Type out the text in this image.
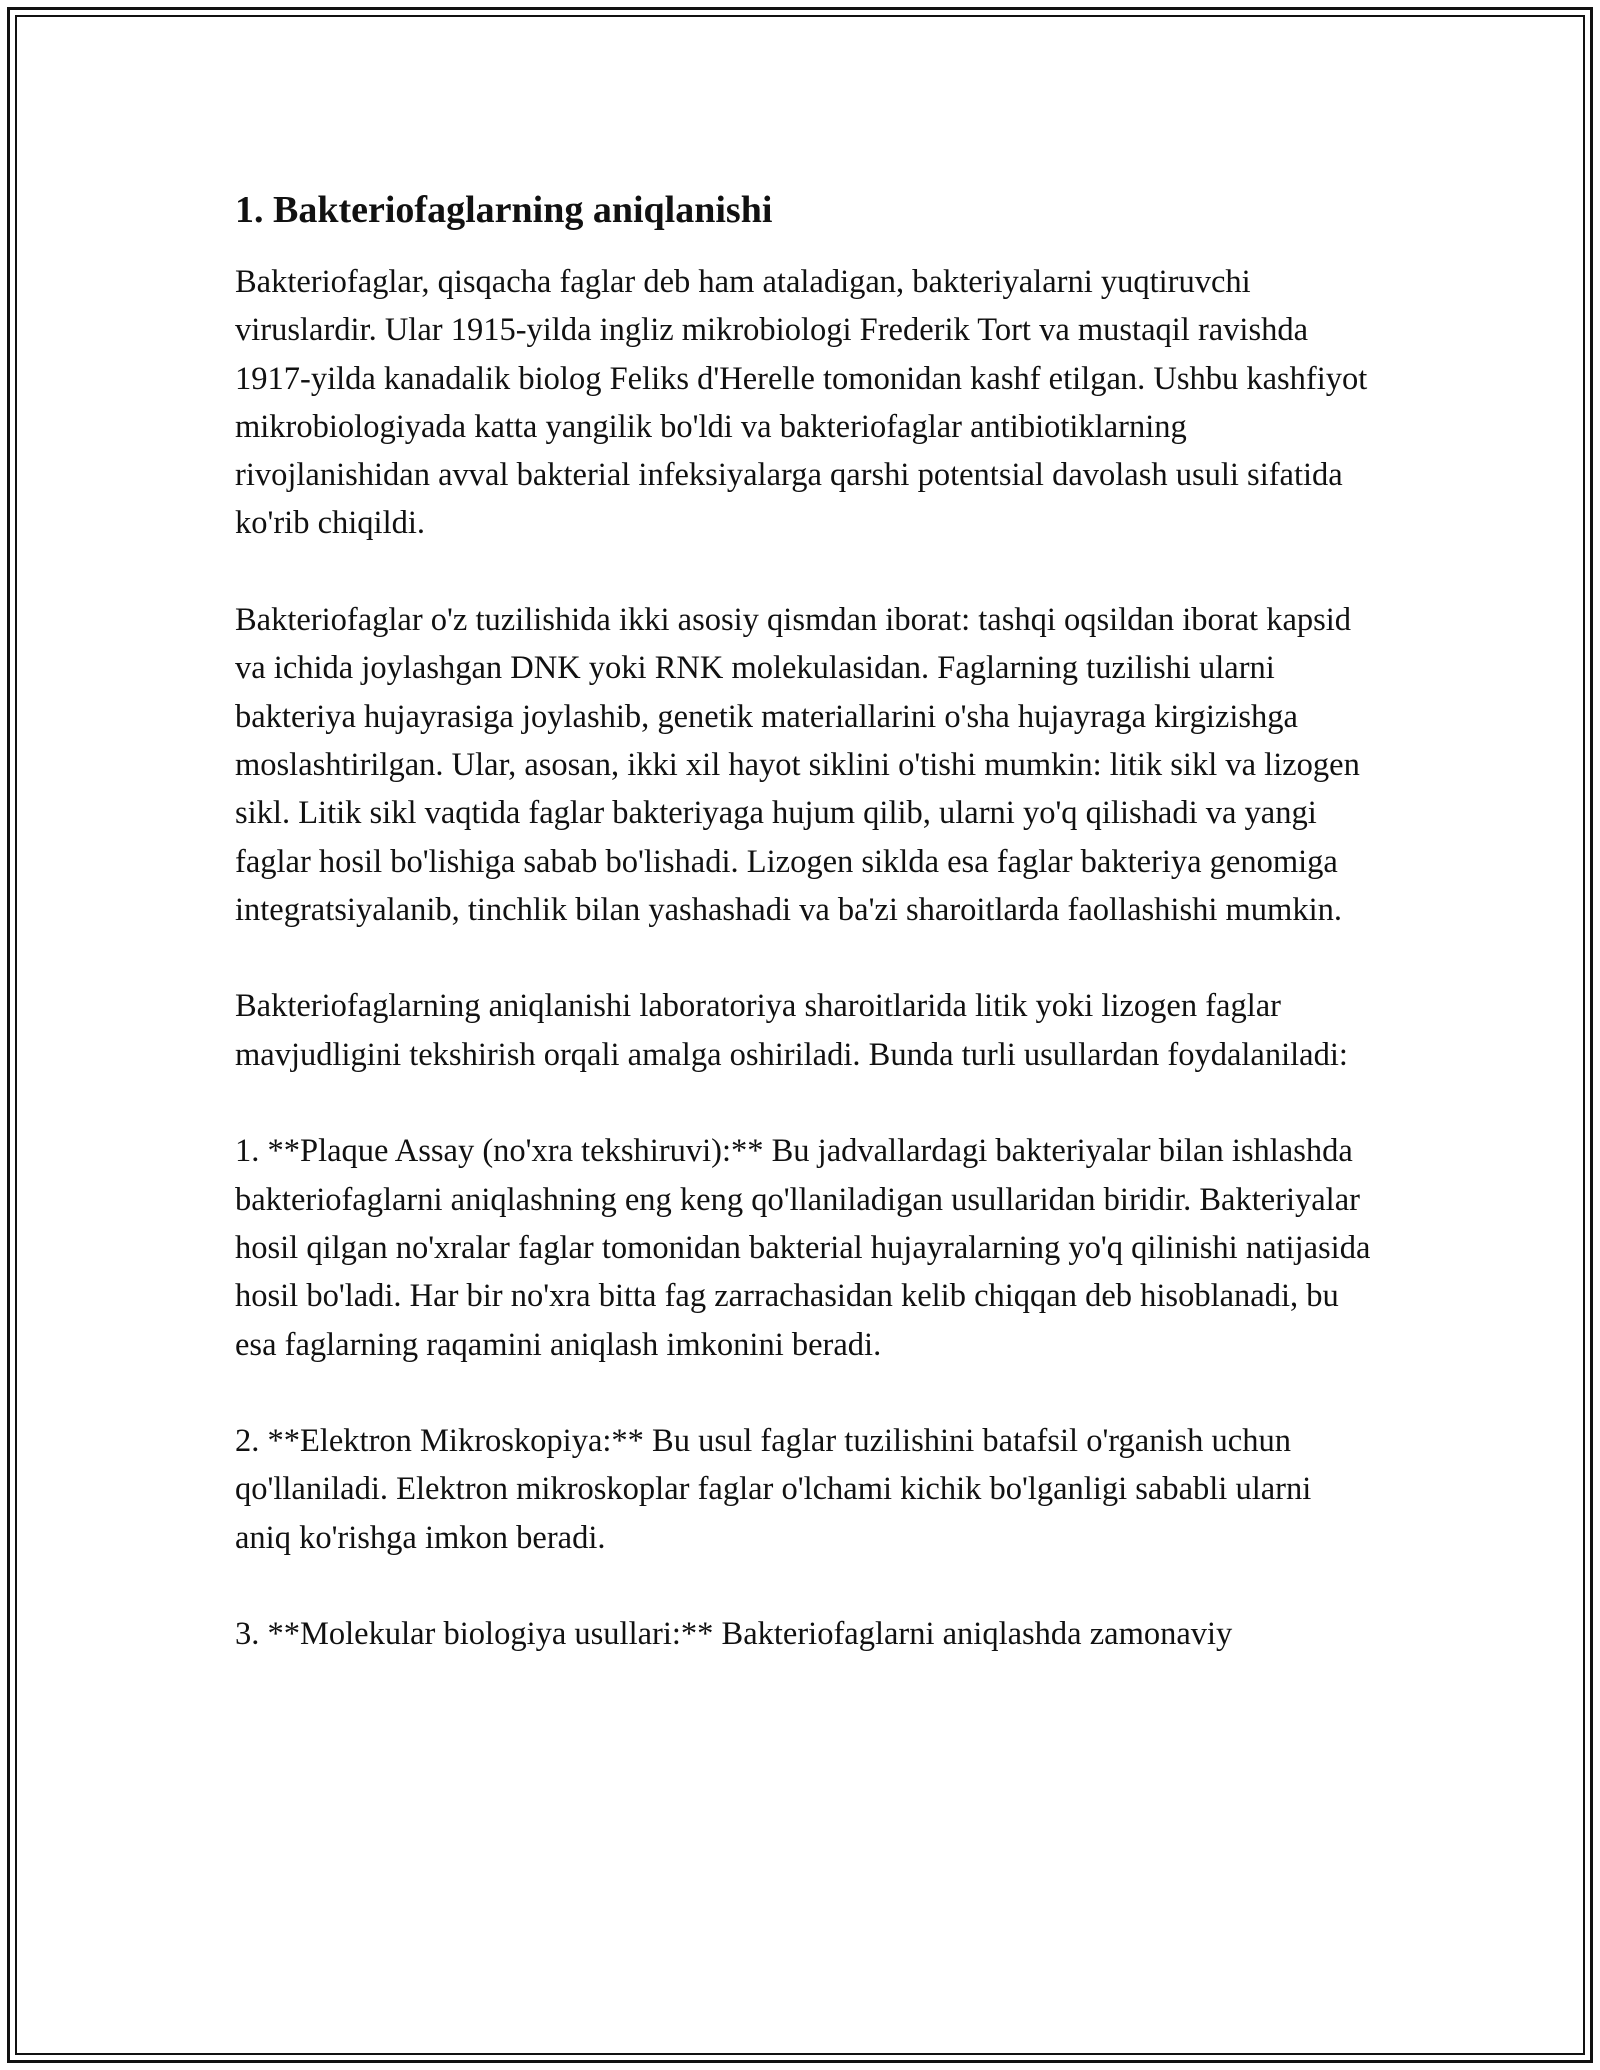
1. Bakteriofaglarning aniqlanishi

Bakteriofaglar, qisqacha faglar deb ham ataladigan, bakteriyalarni yuqtiruvchi viruslardir. Ular 1915-yilda ingliz mikrobiologi Frederik Tort va mustaqil ravishda 1917-yilda kanadalik biolog Feliks d'Herelle tomonidan kashf etilgan. Ushbu kashfiyot mikrobiologiyada katta yangilik bo'ldi va bakteriofaglar antibiotiklarning rivojlanishidan avval bakterial infeksiyalarga qarshi potentsial davolash usuli sifatida ko'rib chiqildi.

Bakteriofaglar o'z tuzilishida ikki asosiy qismdan iborat: tashqi oqsildan iborat kapsid va ichida joylashgan DNK yoki RNK molekulasidan. Faglarning tuzilishi ularni bakteriya hujayrasiga joylashib, genetik materiallarini o'sha hujayraga kirgizishga moslashtirilgan. Ular, asosan, ikki xil hayot siklini o'tishi mumkin: litik sikl va lizogen sikl. Litik sikl vaqtida faglar bakteriyaga hujum qilib, ularni yo'q qilishadi va yangi faglar hosil bo'lishiga sabab bo'lishadi. Lizogen siklda esa faglar bakteriya genomiga integratsiyalanib, tinchlik bilan yashashadi va ba'zi sharoitlarda faollashishi mumkin.

Bakteriofaglarning aniqlanishi laboratoriya sharoitlarida litik yoki lizogen faglar mavjudligini tekshirish orqali amalga oshiriladi. Bunda turli usullardan foydalaniladi:

1. **Plaque Assay (no'xra tekshiruvi):** Bu jadvallardagi bakteriyalar bilan ishlashda bakteriofaglarni aniqlashning eng keng qo'llaniladigan usullaridan biridir. Bakteriyalar hosil qilgan no'xralar faglar tomonidan bakterial hujayralarning yo'q qilinishi natijasida hosil bo'ladi. Har bir no'xra bitta fag zarrachasidan kelib chiqqan deb hisoblanadi, bu esa faglarning raqamini aniqlash imkonini beradi.

2. **Elektron Mikroskopiya:** Bu usul faglar tuzilishini batafsil o'rganish uchun qo'llaniladi. Elektron mikroskoplar faglar o'lchami kichik bo'lganligi sababli ularni aniq ko'rishga imkon beradi.

3. **Molekular biologiya usullari:** Bakteriofaglarni aniqlashda zamonaviy
